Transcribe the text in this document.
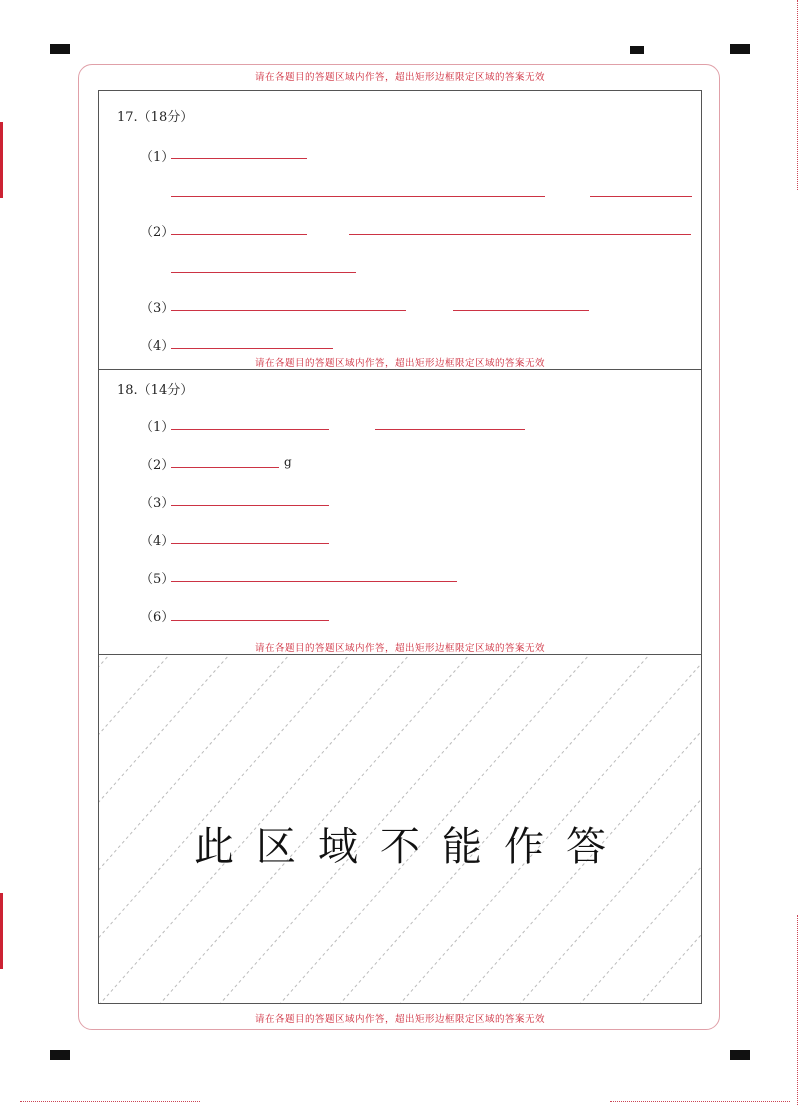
请在各题目的答题区域内作答，超出矩形边框限定区域的答案无效
请在各题目的答题区域内作答，超出矩形边框限定区域的答案无效
请在各题目的答题区域内作答，超出矩形边框限定区域的答案无效
请在各题目的答题区域内作答，超出矩形边框限定区域的答案无效
17.（18分）
（1）
（2）
（3）
（4）
18.（14分）
（1）
（2）	g
（3）
（4）
（5）
（6）
此区域不能作答
